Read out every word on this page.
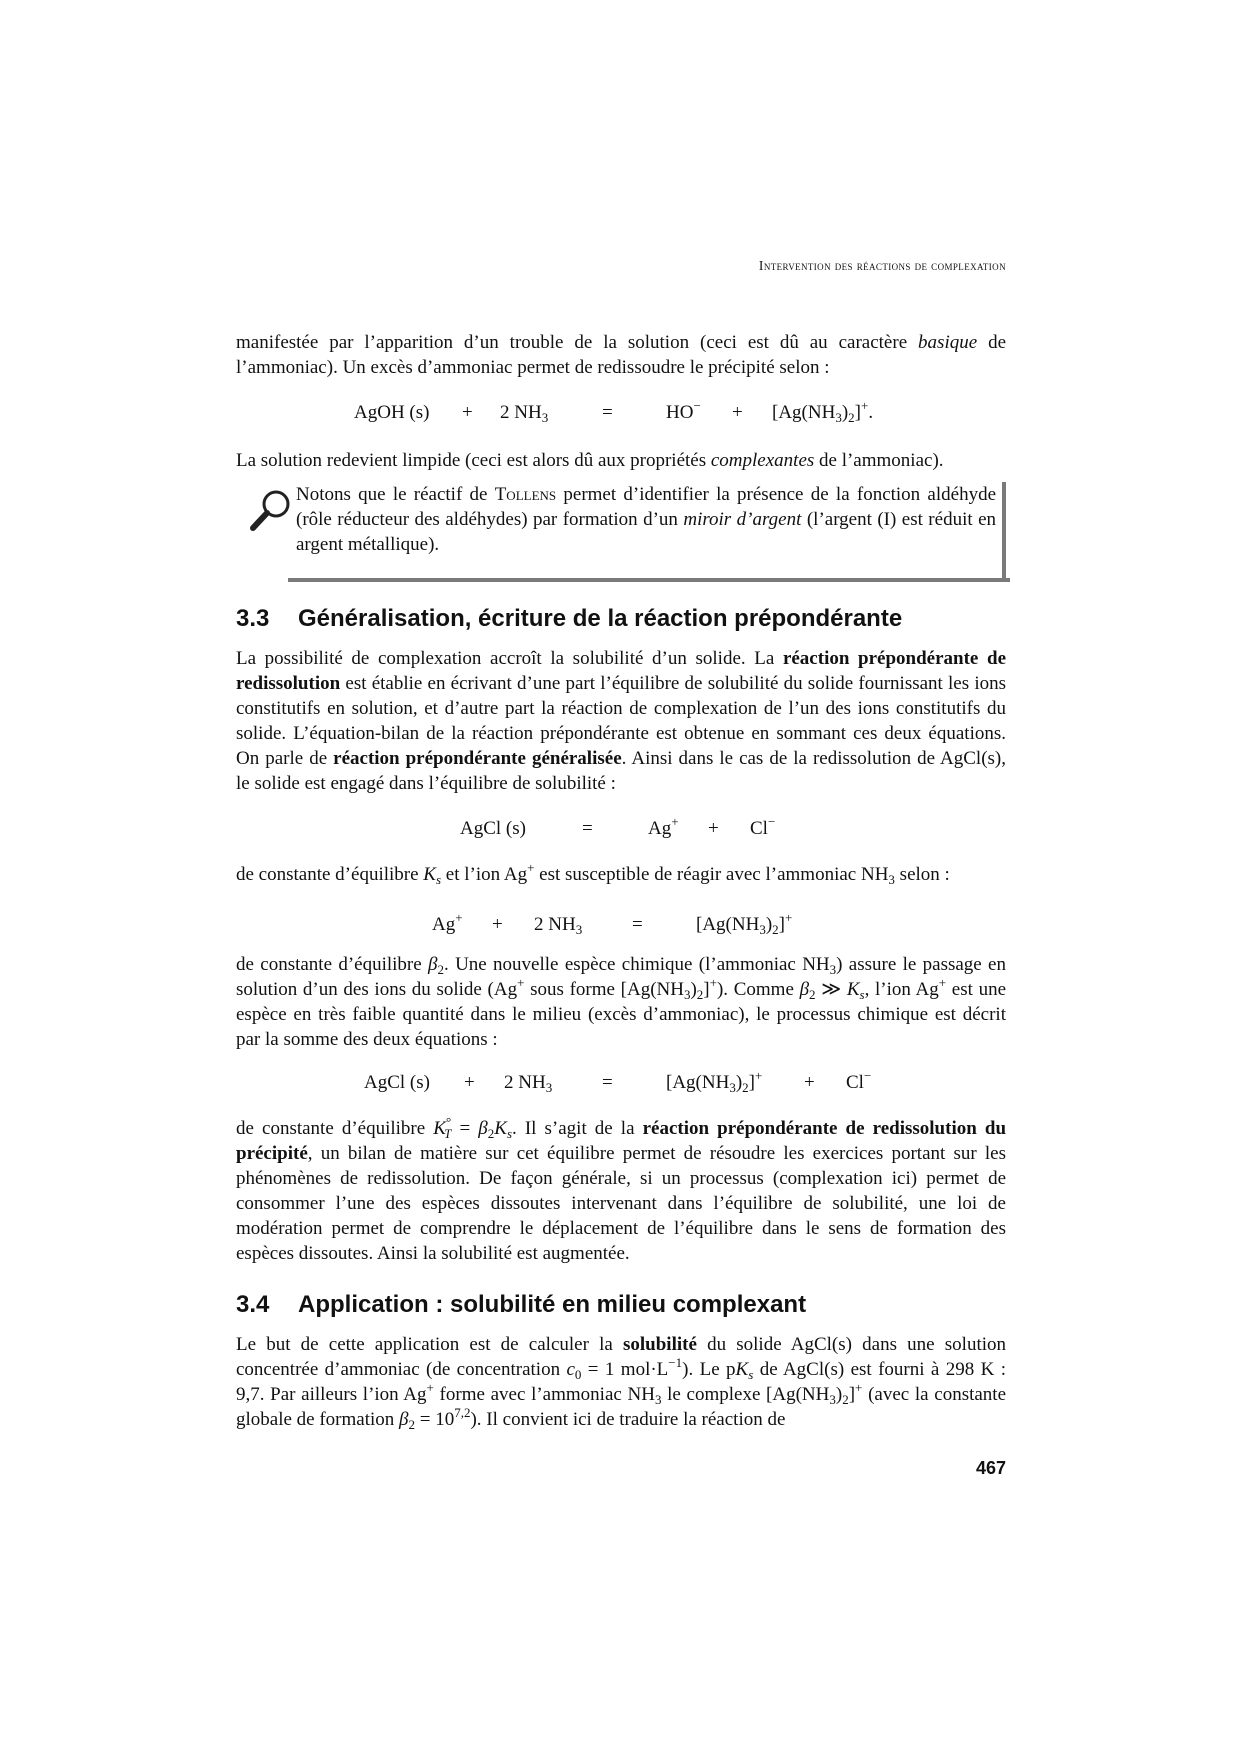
Intervention des réactions de complexation

manifestée par l’apparition d’un trouble de la solution (ceci est dû au caractère basique de l’ammoniac). Un excès d’ammoniac permet de redissoudre le précipité selon :

AgOH (s) + 2 $NH_3$	=	$HO^- + [Ag(NH_3)_2]^+$.

La solution redevient limpide (ceci est alors dû aux propriétés complexantes de l’ammoniac).

Notons que le réactif de Tollens permet d’identifier la présence de la fonction aldéhyde (rôle réducteur des aldéhydes) par formation d’un miroir d’argent (l’argent (I) est réduit en argent métallique).
3.3 Généralisation, écriture de la réaction prépondérante

La possibilité de complexation accroît la solubilité d’un solide. La réaction prépondérante de redissolution est établie en écrivant d’une part l’équilibre de solubilité du solide fournissant les ions constitutifs en solution, et d’autre part la réaction de complexation de l’un des ions constitutifs du solide. L’équation-bilan de la réaction prépondérante est obtenue en sommant ces deux équations. On parle de réaction prépondérante généralisée. Ainsi dans le cas de la redissolution de AgCl(s), le solide est engagé dans l’équilibre de solubilité :

AgCl (s)	=	Ag+ + Cl−

de constante d’équilibre $K_s$ et l’ion Ag+ est susceptible de réagir avec l’ammoniac $NH_3$ selon :

Ag+ + 2 $NH_3$	=	$[Ag(NH_3)_2]^+$

de constante d’équilibre $\beta_2$. Une nouvelle espèce chimique (l’ammoniac $NH_3$) assure le passage en solution d’un des ions du solide (Ag+ sous forme $[Ag(NH_3)_2]^+$). Comme $\beta_2$ ≫ $K_s$, l’ion Ag+ est une espèce en très faible quantité dans le milieu (excès d’ammoniac), le processus chimique est décrit par la somme des deux équations :

AgCl (s) + 2 $NH_3$	=	$[Ag(NH_3)_2]^+ + Cl^-$

de constante d’équilibre $K^\circ_T = \beta_2K_s$. Il s’agit de la réaction prépondérante de redissolution du précipité, un bilan de matière sur cet équilibre permet de résoudre les exercices portant sur les phénomènes de redissolution. De façon générale, si un processus (complexation ici) permet de consommer l’une des espèces dissoutes intervenant dans l’équilibre de solubilité, une loi de modération permet de comprendre le déplacement de l’équilibre dans le sens de formation des espèces dissoutes. Ainsi la solubilité est augmentée.

3.4 Application : solubilité en milieu complexant

Le but de cette application est de calculer la solubilité du solide AgCl(s) dans une solution concentrée d’ammoniac (de concentration $c_0 = 1$ $mol\cdot L^{-1}$). Le $pK_s$ de AgCl(s) est fourni à 298 K : 9,7. Par ailleurs l’ion Ag+ forme avec l’ammoniac $NH_3$ le complexe $[Ag(NH_3)_2]^+$ (avec la constante globale de formation $\beta_2 = 10^{7,2}$). Il convient ici de traduire la réaction de

467
